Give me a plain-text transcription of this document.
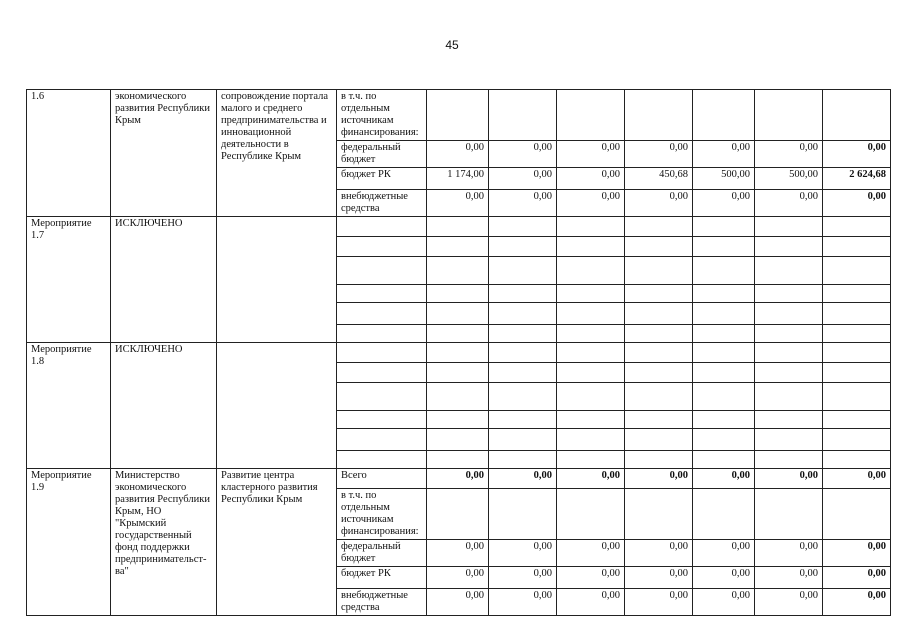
45
1.6	экономического развития Республики Крым	сопровождение портала малого и среднего предпринимательства и инновационной деятельности в Республике Крым	в т.ч. по отдельным источникам финансирования:							
			федеральный бюджет	0,00	0,00	0,00	0,00	0,00	0,00	0,00
			бюджет РК	1 174,00	0,00	0,00	450,68	500,00	500,00	2 624,68
			внебюджетные средства	0,00	0,00	0,00	0,00	0,00	0,00	0,00
Мероприятие 1.7	ИСКЛЮЧЕНО									

Мероприятие 1.8	ИСКЛЮЧЕНО									

Мероприятие 1.9	Министерство экономического развития Республики Крым, НО "Крымский государственный фонд поддержки предпринимательст-ва"	Развитие центра кластерного развития Республики Крым	Всего	0,00	0,00	0,00	0,00	0,00	0,00	0,00
			в т.ч. по отдельным источникам финансирования:							
			федеральный бюджет	0,00	0,00	0,00	0,00	0,00	0,00	0,00
			бюджет РК	0,00	0,00	0,00	0,00	0,00	0,00	0,00
			внебюджетные средства	0,00	0,00	0,00	0,00	0,00	0,00	0,00
